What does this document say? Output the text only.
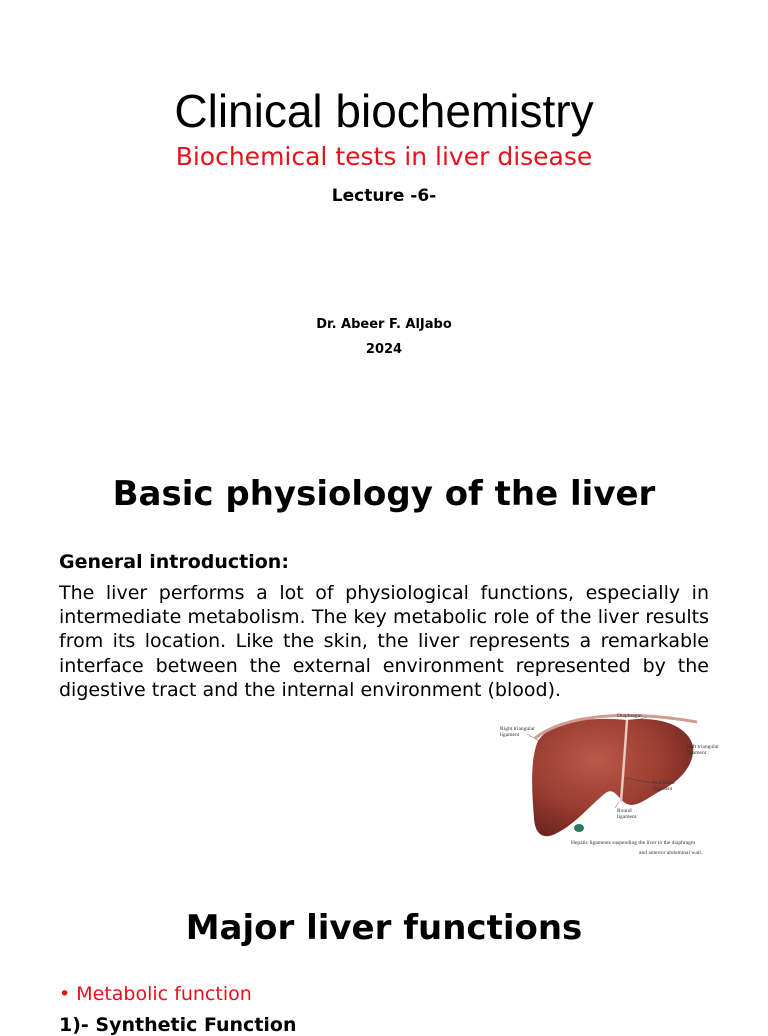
Clinical biochemistry
Biochemical tests in liver disease
Lecture -6-
Dr. Abeer F. AlJabo
2024
Basic physiology of the liver
General introduction:
The liver performs a lot of physiological functions, especially in intermediate metabolism. The key metabolic role of the liver results from its location. Like the skin, the liver represents a remarkable interface between the external environment represented by the digestive tract and the internal environment (blood).
Right triangular
ligament
Diaphragm
Left triangular
ligament
Falciform
ligament
Round
ligament
Hepatic ligaments suspending the liver to the diaphragm
and anterior abdominal wall.
Major liver functions
• Metabolic function
1)- Synthetic Function
